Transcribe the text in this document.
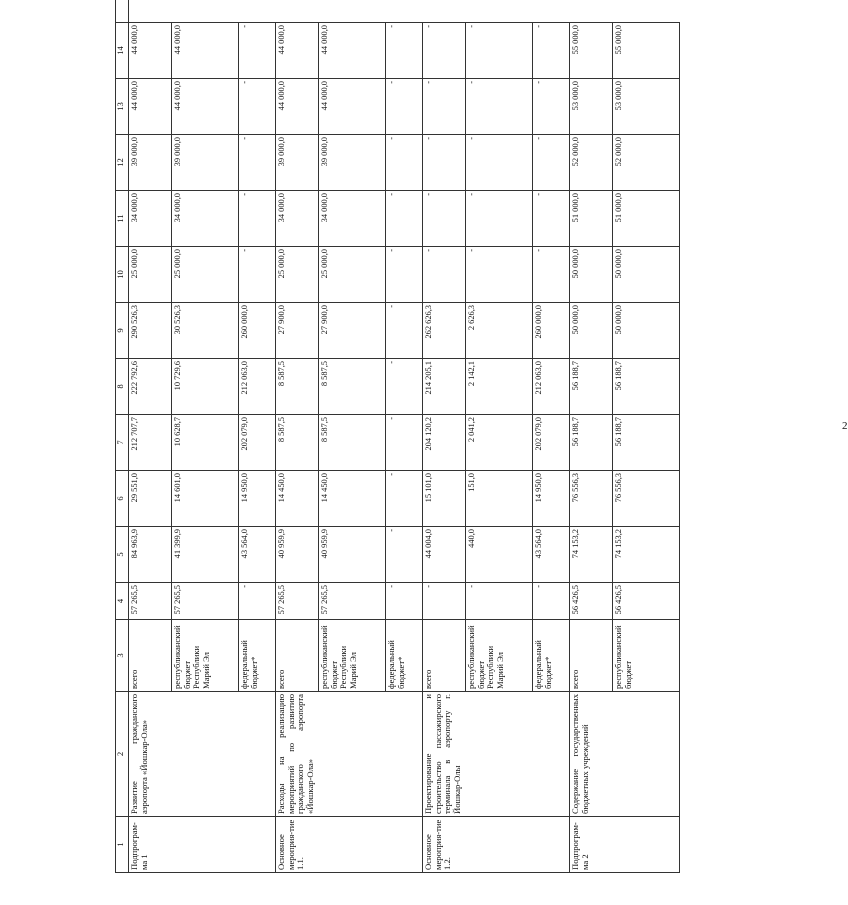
2
1	2	3	4	5	6	7	8	9	10	11	12	13	14	
Подпрограм-ма 1	Развитие гражданского аэропорта «Йошкар-Ола»	всего	57 265,5	84 963,9	29 551,0	212 707,7	222 792,6	290 526,3	25 000,0	34 000,0	39 000,0	44 000,0	44 000,0	
		республиканский бюджет Республики Марий Эл	57 265,5	41 399,9	14 601,0	10 628,7	10 729,6	30 526,3	25 000,0	34 000,0	39 000,0	44 000,0	44 000,0	
		федеральный бюджет*	-	43 564,0	14 950,0	202 079,0	212 063,0	260 000,0	-	-	-	-	-	
Основное мероприя-тие 1.1.	Расходы на реализацию мероприятий по развитию гражданского аэропорта «Йошкар-Ола»	всего	57 265,5	40 959,9	14 450,0	8 587,5	8 587,5	27 900,0	25 000,0	34 000,0	39 000,0	44 000,0	44 000,0	
		республиканский бюджет Республики Марий Эл	57 265,5	40 959,9	14 450,0	8 587,5	8 587,5	27 900,0	25 000,0	34 000,0	39 000,0	44 000,0	44 000,0	
		федеральный бюджет*	-	-	-	-	-	-	-	-	-	-	-	
Основное мероприя-тие 1.2.	Проектирование и строительство пассажирского терминала в аэропорту г. Йошкар-Олы	всего	-	44 004,0	15 101,0	204 120,2	214 205,1	262 626,3	-	-	-	-	-	
		республиканский бюджет Республики Марий Эл	-	440,0	151,0	2 041,2	2 142,1	2 626,3	-	-	-	-	-	
		федеральный бюджет*	-	43 564,0	14 950,0	202 079,0	212 063,0	260 000,0	-	-	-	-	-	
Подпрограм-ма 2	Содержание государственных бюджетных учреждений	всего	56 426,5	74 153,2	76 556,3	56 188,7	56 188,7	50 000,0	50 000,0	51 000,0	52 000,0	53 000,0	55 000,0	
		республиканский бюджет	56 426,5	74 153,2	76 556,3	56 188,7	56 188,7	50 000,0	50 000,0	51 000,0	52 000,0	53 000,0	55 000,0	
